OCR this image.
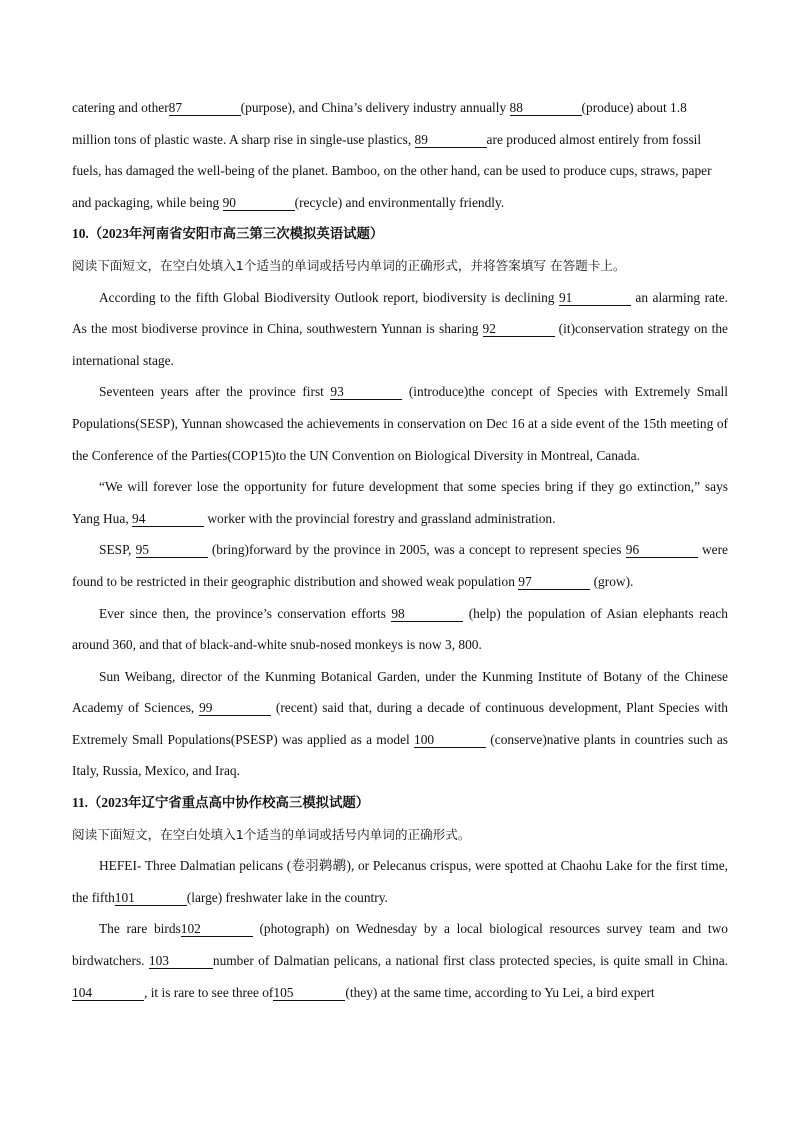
catering and other87	(purpose), and China’s delivery industry annually 88	(produce) about 1.8 million tons of plastic waste. A sharp rise in single-use plastics, 89	are produced almost entirely from fossil fuels, has damaged the well-being of the planet. Bamboo, on the other hand, can be used to produce cups, straws, paper and packaging, while being 90	(recycle) and environmentally friendly.

10.（2023年河南省安阳市高三第三次模拟英语试题）

阅读下面短文，在空白处填入1个适当的单词或括号内单词的正确形式，并将答案填写 在答题卡上。

According to the fifth Global Biodiversity Outlook report, biodiversity is declining 91	an alarming rate. As the most biodiverse province in China, southwestern Yunnan is sharing 92	(it)conservation strategy on the international stage.

Seventeen years after the province first 93	(introduce)the concept of Species with Extremely Small Populations(SESP), Yunnan showcased the achievements in conservation on Dec 16 at a side event of the 15th meeting of the Conference of the Parties(COP15)to the UN Convention on Biological Diversity in Montreal, Canada.

“We will forever lose the opportunity for future development that some species bring if they go extinction,” says Yang Hua, 94	worker with the provincial forestry and grassland administration.

SESP, 95	(bring)forward by the province in 2005, was a concept to represent species 96	were found to be restricted in their geographic distribution and showed weak population 97	(grow).

Ever since then, the province’s conservation efforts 98	(help) the population of Asian elephants reach around 360, and that of black-and-white snub-nosed monkeys is now 3, 800.

Sun Weibang, director of the Kunming Botanical Garden, under the Kunming Institute of Botany of the Chinese Academy of Sciences, 99	(recent) said that, during a decade of continuous development, Plant Species with Extremely Small Populations(PSESP) was applied as a model 100	(conserve)native plants in countries such as Italy, Russia, Mexico, and Iraq.

11.（2023年辽宁省重点高中协作校高三模拟试题）

阅读下面短文，在空白处填入1个适当的单词或括号内单词的正确形式。

HEFEI- Three Dalmatian pelicans (卷羽鹈鹕), or Pelecanus crispus, were spotted at Chaohu Lake for the first time, the fifth101	(large) freshwater lake in the country.

The rare birds102	(photograph) on Wednesday by a local biological resources survey team and two birdwatchers. 103	number of Dalmatian pelicans, a national first class protected species, is quite small in China.104	, it is rare to see three of105	(they) at the same time, according to Yu Lei, a bird expert
